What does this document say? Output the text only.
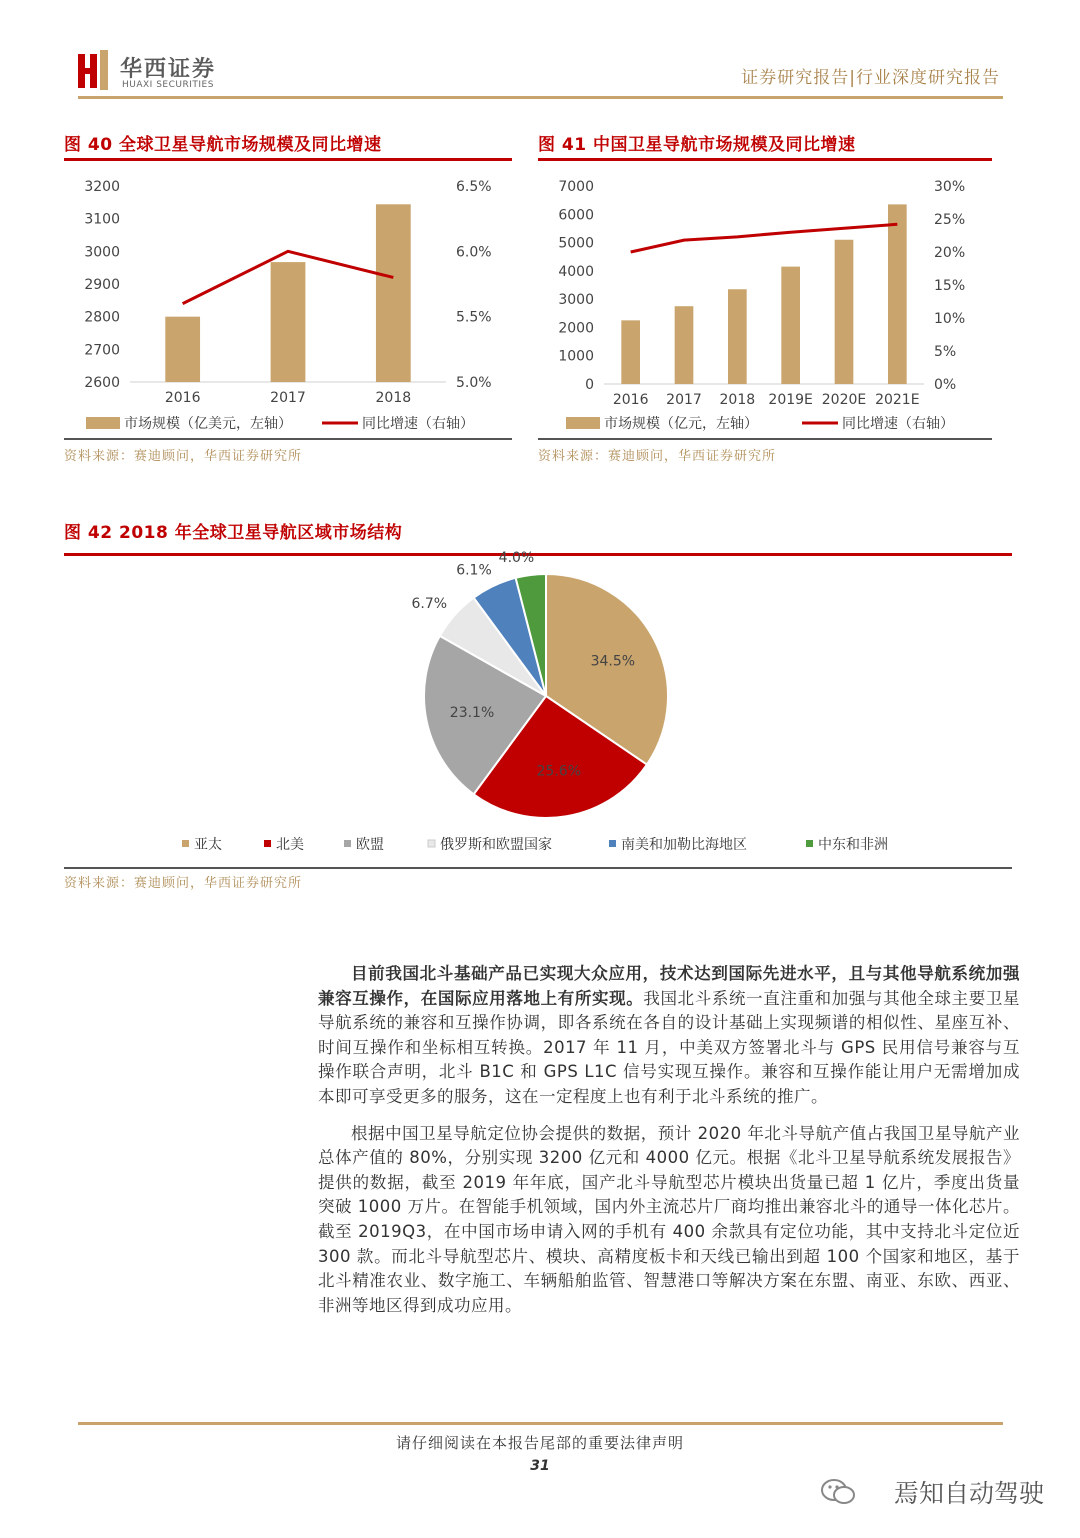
华西证券
HUAXI SECURITIES	证券研究报告|行业深度研究报告
图 40 全球卫星导航市场规模及同比增速
2600
2700
2800
2900
3000
3100
3200
5.0%
5.5%
6.0%
6.5%
2016	2017	2018
市场规模（亿美元，左轴）	同比增速（右轴）
资料来源：赛迪顾问，华西证券研究所
图 41 中国卫星导航市场规模及同比增速
0
1000
2000
3000
4000
5000
6000
7000
0%
5%
10%
15%
20%
25%
30%
2016 2017 2018 2019E 2020E 2021E
市场规模（亿元，左轴）	同比增速（右轴）
资料来源：赛迪顾问，华西证券研究所
图 42 2018 年全球卫星导航区域市场结构
34.5%
25.6%
23.1%
6.7%
6.1%
4.0%
亚太	北美	欧盟	俄罗斯和欧盟国家	南美和加勒比海地区	中东和非洲
资料来源：赛迪顾问，华西证券研究所

目前我国北斗基础产品已实现大众应用，技术达到国际先进水平，且与其他导航系统加强兼容互操作，在国际应用落地上有所实现。我国北斗系统一直注重和加强与其他全球主要卫星导航系统的兼容和互操作协调，即各系统在各自的设计基础上实现频谱的相似性、星座互补、时间互操作和坐标相互转换。2017 年 11 月，中美双方签署北斗与 GPS 民用信号兼容与互操作联合声明，北斗 B1C 和 GPS L1C 信号实现互操作。兼容和互操作能让用户无需增加成本即可享受更多的服务，这在一定程度上也有利于北斗系统的推广。

根据中国卫星导航定位协会提供的数据，预计 2020 年北斗导航产值占我国卫星导航产业总体产值的 80%，分别实现 3200 亿元和 4000 亿元。根据《北斗卫星导航系统发展报告》提供的数据，截至 2019 年年底，国产北斗导航型芯片模块出货量已超 1 亿片，季度出货量突破 1000 万片。在智能手机领域，国内外主流芯片厂商均推出兼容北斗的通导一体化芯片。截至 2019Q3，在中国市场申请入网的手机有 400 余款具有定位功能，其中支持北斗定位近 300 款。而北斗导航型芯片、模块、高精度板卡和天线已输出到超 100 个国家和地区，基于北斗精准农业、数字施工、车辆船舶监管、智慧港口等解决方案在东盟、南亚、东欧、西亚、非洲等地区得到成功应用。

请仔细阅读在本报告尾部的重要法律声明
31
焉知自动驾驶
